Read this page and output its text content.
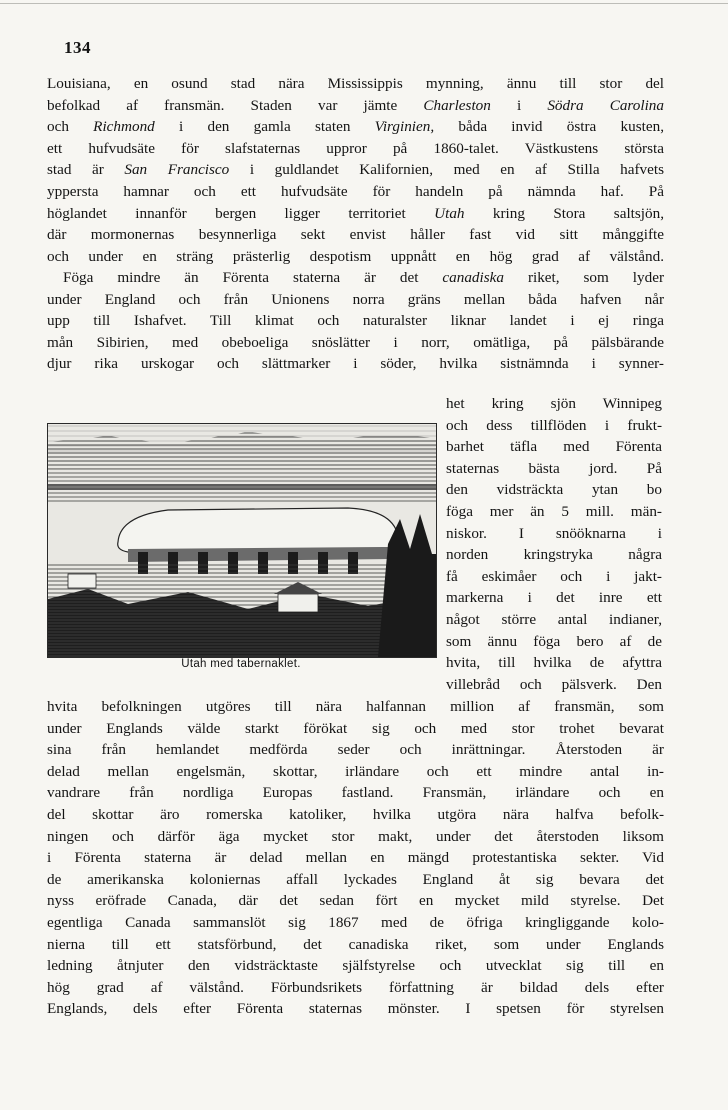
134
Louisiana, en osund stad nära Mississippis mynning, ännu till stor del
befolkad af fransmän. Staden var jämte Charleston i Södra Carolina
och Richmond i den gamla staten Virginien, båda invid östra kusten,
ett hufvudsäte för slafstaternas uppror på 1860-talet. Västkustens största
stad är San Francisco i guldlandet Kalifornien, med en af Stilla hafvets
yppersta hamnar och ett hufvudsäte för handeln på nämnda haf. På
höglandet innanför bergen ligger territoriet Utah kring Stora saltsjön,
där mormonernas besynnerliga sekt envist håller fast vid sitt månggifte
och under en sträng prästerlig despotism uppnått en hög grad af välstånd.
Föga mindre än Förenta staterna är det canadiska riket, som lyder
under England och från Unionens norra gräns mellan båda hafven når
upp till Ishafvet. Till klimat och naturalster liknar landet i ej ringa
mån Sibirien, med obeboeliga snöslätter i norr, omätliga, på pälsbärande
djur rika urskogar och slättmarker i söder, hvilka sistnämnda i synner-
het kring sjön Winnipeg
och dess tillflöden i frukt-
barhet täfla med Förenta
staternas bästa jord. På
den vidsträckta ytan bo
föga mer än 5 mill. män-
niskor. I snööknarna i
norden kringstryka några
få eskimåer och i jakt-
markerna i det inre ett
något större antal indianer,
som ännu föga bero af de
hvita, till hvilka de afyttra
villebråd och pälsverk. Den
Utah med tabernaklet.
hvita befolkningen utgöres till nära halfannan million af fransmän, som
under Englands välde starkt förökat sig och med stor trohet bevarat
sina från hemlandet medförda seder och inrättningar. Återstoden är
delad mellan engelsmän, skottar, irländare och ett mindre antal in-
vandrare från nordliga Europas fastland. Fransmän, irländare och en
del skottar äro romerska katoliker, hvilka utgöra nära halfva befolk-
ningen och därför äga mycket stor makt, under det återstoden liksom
i Förenta staterna är delad mellan en mängd protestantiska sekter. Vid
de amerikanska koloniernas affall lyckades England åt sig bevara det
nyss eröfrade Canada, där det sedan fört en mycket mild styrelse. Det
egentliga Canada sammanslöt sig 1867 med de öfriga kringliggande kolo-
nierna till ett statsförbund, det canadiska riket, som under Englands
ledning åtnjuter den vidsträcktaste själfstyrelse och utvecklat sig till en
hög grad af välstånd. Förbundsrikets författning är bildad dels efter
Englands, dels efter Förenta staternas mönster. I spetsen för styrelsen
